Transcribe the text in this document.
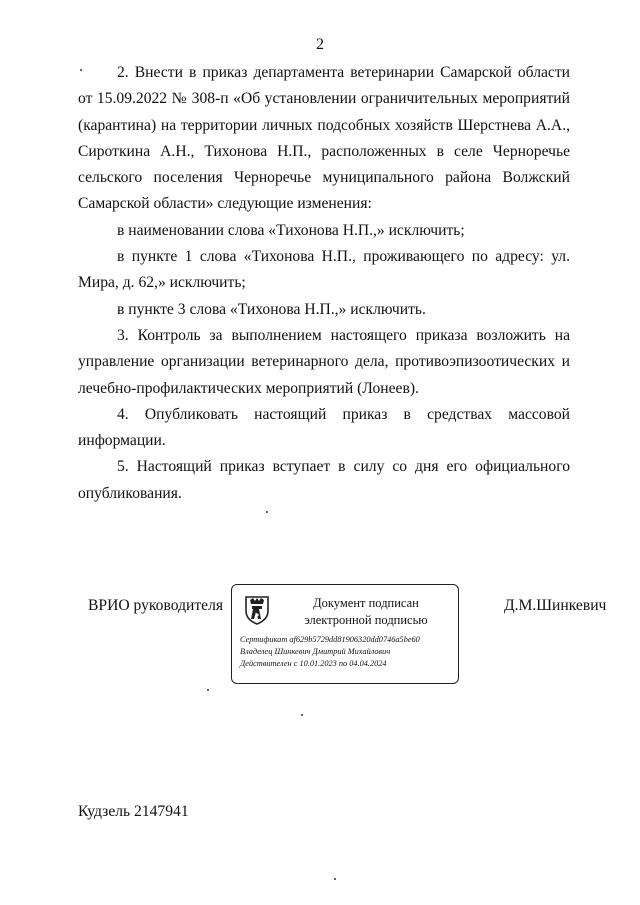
2

2. Внести в приказ департамента ветеринарии Самарской области от 15.09.2022 № 308-п «Об установлении ограничительных мероприятий (карантина) на территории личных подсобных хозяйств Шерстнева А.А., Сироткина А.Н., Тихонова Н.П., расположенных в селе Черноречье сельского поселения Черноречье муниципального района Волжский Самарской области» следующие изменения:

в наименовании слова «Тихонова Н.П.,» исключить;

в пункте 1 слова «Тихонова Н.П., проживающего по адресу: ул. Мира, д. 62,» исключить;

в пункте 3 слова «Тихонова Н.П.,» исключить.

3. Контроль за выполнением настоящего приказа возложить на управление организации ветеринарного дела, противоэпизоотических и лечебно-профилактических мероприятий (Лонеев).

4. Опубликовать настоящий приказ в средствах массовой информации.

5. Настоящий приказ вступает в силу со дня его официального опубликования.

ВРИО руководителя	Документ подписан
электронной подписью
Сертификат af629b5729dd81906320dd0746a5be60
Владелец Шинкевич Дмитрий Михайлович
Действителен с 10.01.2023 по 04.04.2024
Д.М.Шинкевич
Кудзель 2147941
